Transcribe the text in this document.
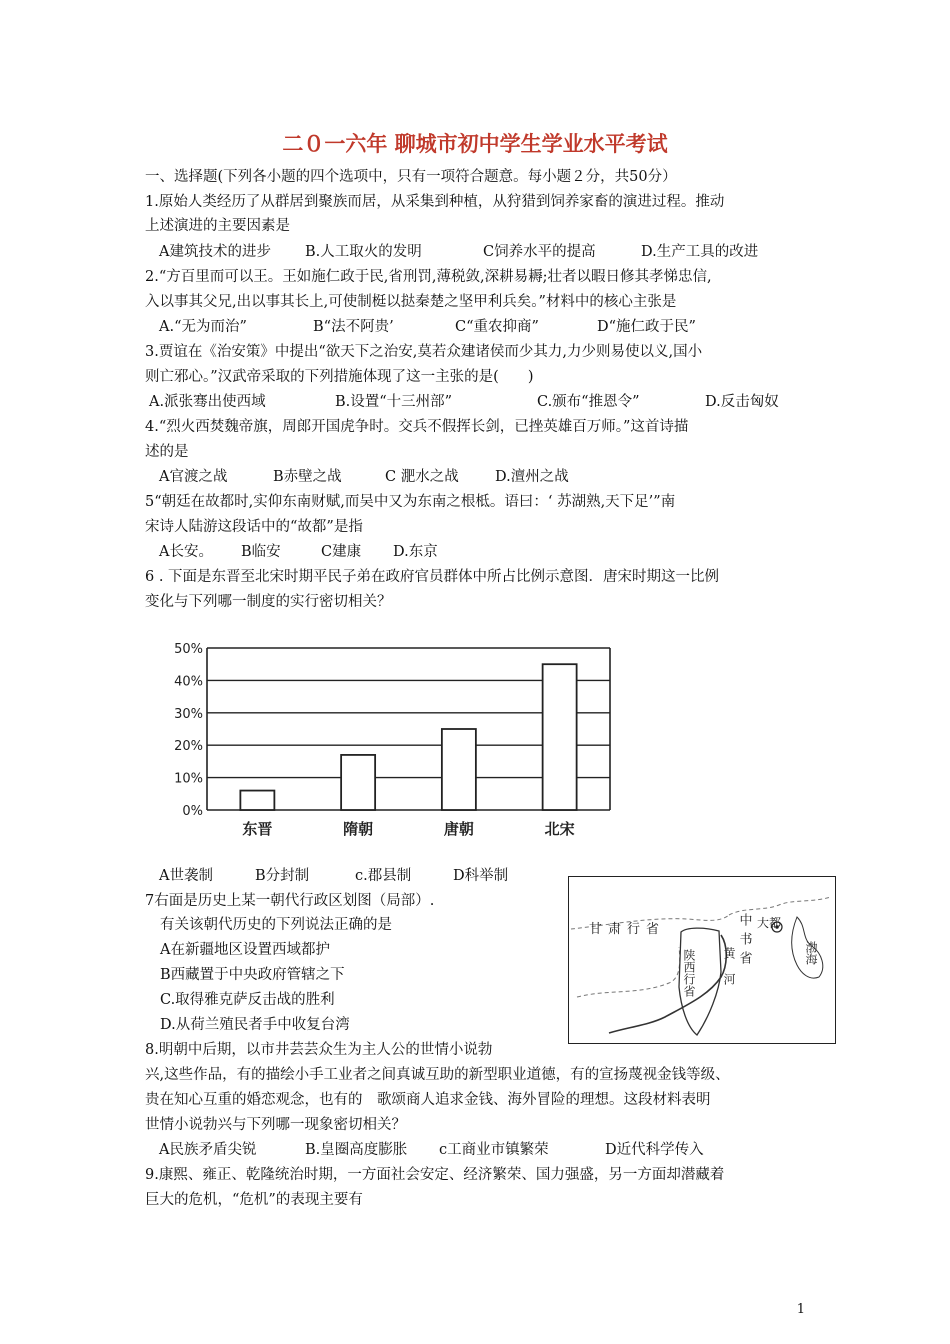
二０一六年 聊城市初中学生学业水平考试
一、选择题(下列各小题的四个选项中，只有一项符合题意。每小题２分，共50分）
1.原始人类经历了从群居到聚族而居，从采集到种植，从狩猎到饲养家畜的演进过程。推动
上述演进的主要因素是
A建筑技术的进步 B.人工取火的发明	C饲养水平的提高	D.生产工具的改进
2.“方百里而可以王。王如施仁政于民,省刑罚,薄税敛,深耕易耨;壮者以暇日修其孝悌忠信,
入以事其父兄,出以事其长上,可使制梃以挞秦楚之坚甲利兵矣。”材料中的核心主张是
A.“无为而治”	B“法不阿贵’	C“重农抑商”	D“施仁政于民”
3.贾谊在《治安策》中提出“欲天下之治安,莫若众建诸侯而少其力,力少则易使以义,国小
则亡邪心。”汉武帝采取的下列措施体现了这一主张的是(　　)
A.派张骞出使西域	B.设置“十三州部”	C.颁布“推恩令”	D.反击匈奴
4.“烈火西焚魏帝旗，周郎开国虎争时。交兵不假挥长剑，已挫英雄百万师。”这首诗描
述的是
A官渡之战	B赤壁之战	C 淝水之战	D.澶州之战
5“朝廷在故都时,实仰东南财赋,而吴中又为东南之根柢。语曰：‘ 苏湖熟,天下足’”南
宋诗人陆游这段话中的“故都”是指
A长安。 B临安	C建康 D.东京
6 . 下面是东晋至北宋时期平民子弟在政府官员群体中所占比例示意图．唐宋时期这一比例
变化与下列哪一制度的实行密切相关？
0%
10%
20%
30%
40%
50%
东晋	隋朝	唐朝	北宋
A世袭制	B分封制	c.郡县制	D科举制
7右面是历史上某一朝代行政区划图（局部）.
有关该朝代历史的下列说法正确的是
A在新疆地区设置西域都护
B西藏置于中央政府管辖之下
C.取得雅克萨反击战的胜利
D.从荷兰殖民者手中收复台湾
甘肃行省	中书省
陕西行省 黄河
大都
渤海
8.明朝中后期，以市井芸芸众生为主人公的世情小说勃
兴,这些作品，有的描绘小手工业者之间真诚互助的新型职业道德，有的宣扬蔑视金钱等级、
贵在知心互重的婚恋观念，也有的　歌颂商人追求金钱、海外冒险的理想。这段材料表明
世情小说勃兴与下列哪一现象密切相关？
A民族矛盾尖锐	B.皇圈高度膨胀 c工商业市镇繁荣	D近代科学传入
9.康熙、雍正、乾隆统治时期，一方面社会安定、经济繁荣、国力强盛，另一方面却潜藏着
巨大的危机，“危机”的表现主要有
1
